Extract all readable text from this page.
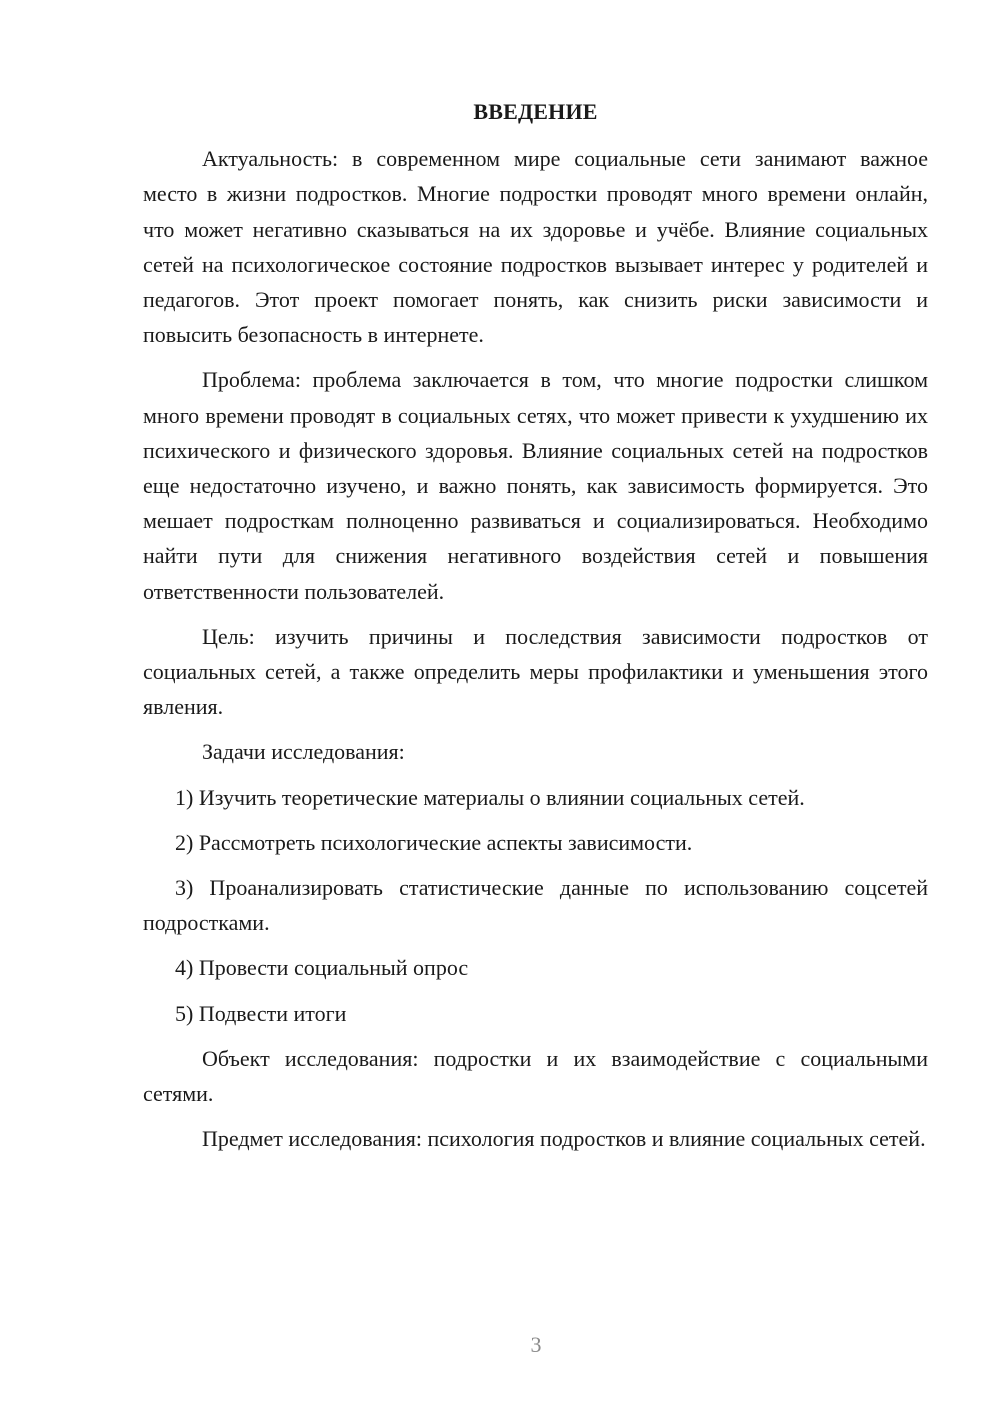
ВВЕДЕНИЕ

Актуальность: в современном мире социальные сети занимают важное место в жизни подростков. Многие подростки проводят много времени онлайн, что может негативно сказываться на их здоровье и учёбе. Влияние социальных сетей на психологическое состояние подростков вызывает интерес у родителей и педагогов. Этот проект помогает понять, как снизить риски зависимости и повысить безопасность в интернете.

Проблема: проблема заключается в том, что многие подростки слишком много времени проводят в социальных сетях, что может привести к ухудшению их психического и физического здоровья. Влияние социальных сетей на подростков еще недостаточно изучено, и важно понять, как зависимость формируется. Это мешает подросткам полноценно развиваться и социализироваться. Необходимо найти пути для снижения негативного воздействия сетей и повышения ответственности пользователей.

Цель: изучить причины и последствия зависимости подростков от социальных сетей, а также определить меры профилактики и уменьшения этого явления.

Задачи исследования:

1) Изучить теоретические материалы о влиянии социальных сетей.

2) Рассмотреть психологические аспекты зависимости.

3) Проанализировать статистические данные по использованию соцсетей подростками.

4) Провести социальный опрос

5) Подвести итоги

Объект исследования: подростки и их взаимодействие с социальными сетями.

Предмет исследования: психология подростков и влияние социальных сетей.

3
